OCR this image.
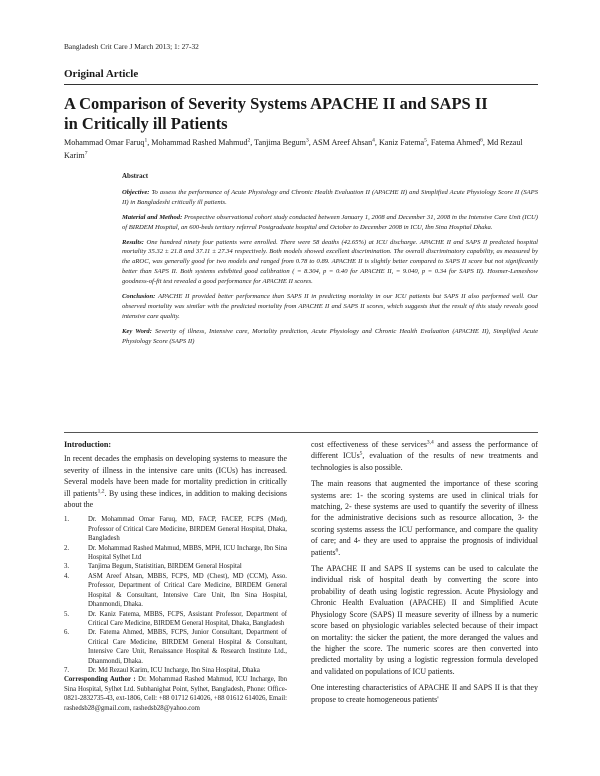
Bangladesh Crit Care J March 2013; 1: 27-32
Original Article
A Comparison of Severity Systems APACHE II and SAPS II
in Critically ill Patients
Mohammad Omar Faruq$^1$, Mohammad Rashed Mahmud$^2$, Tanjima Begum$^3$, ASM Areef Ahsan$^4$, Kaniz Fatema$^5$, Fatema Ahmed$^6$, Md Rezaul Karim$^7$

Abstract

Objective: To assess the performance of Acute Physiology and Chronic Health Evaluation II (APACHE II) and Simplified Acute Physiology Score II (SAPS II) in Bangladeshi critically ill patients.

Material and Method: Prospective observational cohort study conducted between January 1, 2008 and December 31, 2008 in the Intensive Care Unit (ICU) of BIRDEM Hospital, an 600-beds tertiary referral Postgraduate hospital and October to December 2008 in ICU, Ibn Sina Hospital Dhaka.

Results: One hundred ninety four patients were enrolled. There were 58 deaths (42.65%) at ICU discharge. APACHE II and SAPS II predicted hospital mortality 35.32 ± 21.8 and 37.11 ± 27.34 respectively. Both models showed excellent discrimination. The overall discriminatory capability, as measured by the aROC, was generally good for two models and ranged from 0.78 to 0.89. APACHE II is slightly better compared to SAPS II score but not significantly better than SAPS II. Both systems exhibited good calibration ( = 8.304, p = 0.40 for APACHE II, = 9.040, p = 0.34 for SAPS II). Hosmer-Lemeshow goodness-of-fit test revealed a good performance for APACHE II scores.

Conclusion: APACHE II provided better performance than SAPS II in predicting mortality in our ICU patients but SAPS II also performed well. Our observed mortality was similar with the predicted mortality from APACHE II and SAPS II scores, which suggests that the result of this study reveals good intensive care quality.

Key Word: Severity of illness, Intensive care, Mortality prediction, Acute Physiology and Chronic Health Evaluation (APACHE II), Simplified Acute Physiology Score (SAPS II)

Introduction:

In recent decades the emphasis on developing systems to measure the severity of illness in the intensive care units (ICUs) has increased. Several models have been made for mortality prediction in critically ill patients$^{1,2}$. By using these indices, in addition to making decisions about the

1.	Dr. Mohammad Omar Faruq, MD, FACP, FACEP, FCPS (Med), Professor of Critical Care Medicine, BIRDEM General Hospital, Dhaka, Bangladesh
2.	Dr. Mohammad Rashed Mahmud, MBBS, MPH, ICU Incharge, Ibn Sina Hospital Sylhet Ltd
3.	Tanjima Begum, Statistitian, BIRDEM General Hospital
4.	ASM Areef Ahsan, MBBS, FCPS, MD (Chest), MD (CCM), Asso. Professor, Department of Critical Care Medicine, BIRDEM General Hospital & Consultant, Intensive Care Unit, Ibn Sina Hospital, Dhanmondi, Dhaka.
5.	Dr. Kaniz Fatema, MBBS, FCPS, Assistant Professor, Department of Critical Care Medicine, BIRDEM General Hospital, Dhaka, Bangladesh
6.	Dr. Fatema Ahmed, MBBS, FCPS, Junior Consultant, Department of Critical Care Medicine, BIRDEM General Hospital & Consultant, Intensive Care Unit, Renaissance Hospital & Research Institute Ltd., Dhanmondi, Dhaka.
7.	Dr. Md Rezaul Karim, ICU Incharge, Ibn Sina Hospital, Dhaka
Corresponding Author : Dr. Mohammad Rashed Mahmud, ICU Incharge, Ibn Sina Hospital, Sylhet Ltd. Subhanighat Point, Sylhet, Bangladesh, Phone: Office- 0821-2832735-43, ext-1806, Cell: +88 01712 614026, +88 01612 614026, Email: rashedsb28@gmail.com, rashedsb28@yahoo.com

cost effectiveness of these services$^{3,4}$ and assess the performance of different ICUs$^5$, evaluation of the results of new treatments and technologies is also possible.

The main reasons that augmented the importance of these scoring systems are: 1- the scoring systems are used in clinical trials for matching, 2- these systems are used to quantify the severity of illness for the administrative decisions such as resource allocation, 3- the scoring systems assess the ICU performance, and compare the quality of care; and 4- they are used to appraise the prognosis of individual patients$^6$.

The APACHE II and SAPS II systems can be used to calculate the individual risk of hospital death by converting the score into probability of death using logistic regression. Acute Physiology and Chronic Health Evaluation (APACHE) II and Simplified Acute Physiology Score (SAPS) II measure severity of illness by a numeric score based on physiologic variables selected because of their impact on mortality: the sicker the patient, the more deranged the values and the higher the score. The numeric scores are then converted into predicted mortality by using a logistic regression formula developed and validated on populations of ICU patients.

One interesting characteristics of APACHE II and SAPS II is that they propose to create homogeneous patients'
